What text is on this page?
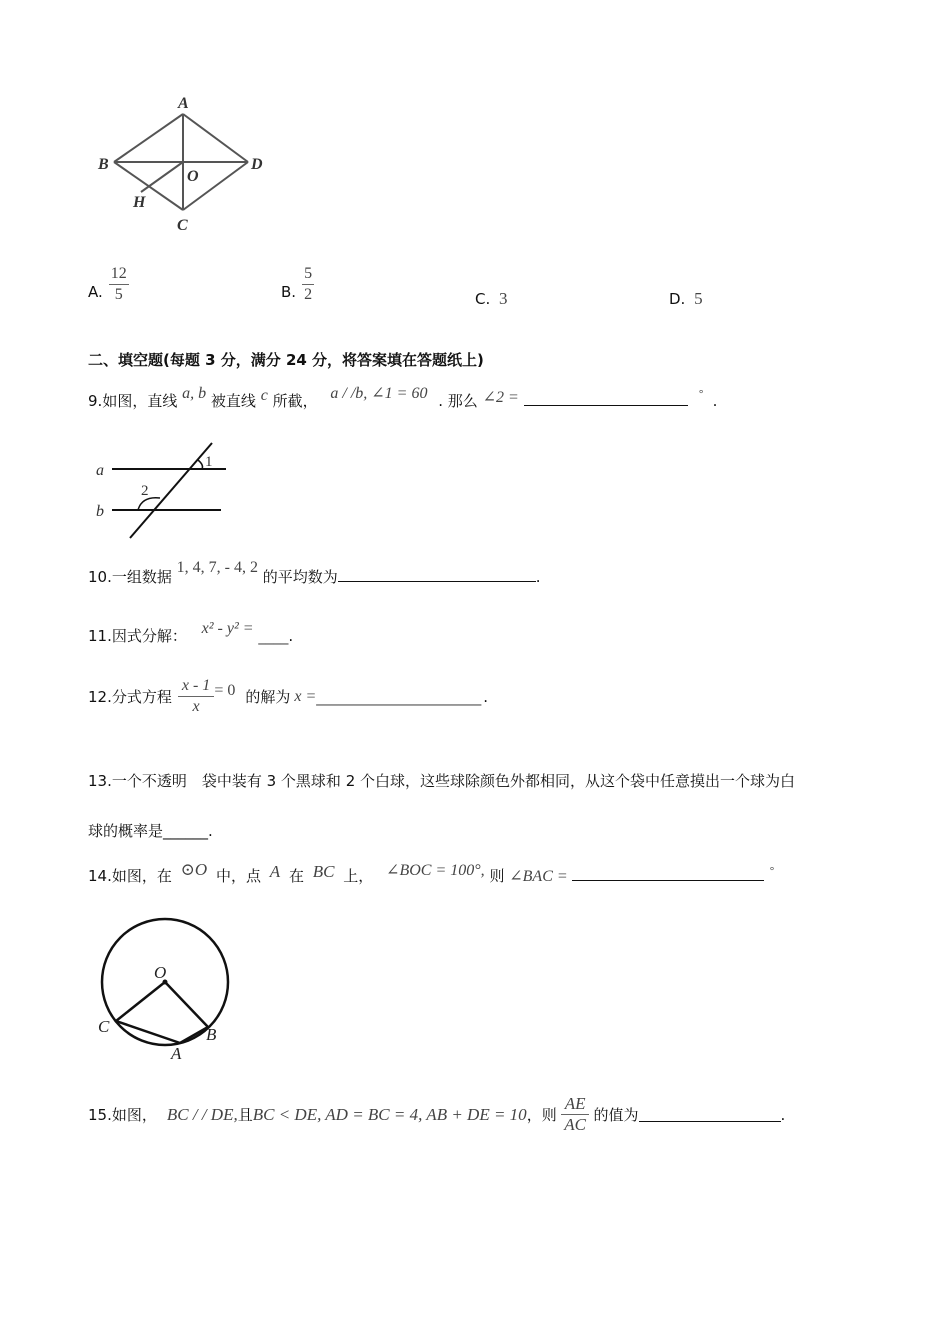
A
B
O
D
H
C
A. $\frac{12}{5}$	B. $\frac{5}{2}$	C. 3	D. 5
二、填空题(每题 3 分，满分 24 分，将答案填在答题纸上)
9.如图，直线 a, b 被直线 c 所截， a / /b, ∠1 = 60 . 那么 ∠2 =	° .
a
b
1
2
10.一组数据 1, 4, 7, - 4, 2 的平均数为	.
11.因式分解： x² - y² = ____.
12. 分式方程 $\frac{x - 1}{x} = 0$ 的解为 x = ______________________ .
13.一个不透明　袋中装有 3 个黑球和 2 个白球，这些球除颜色外都相同，从这个袋中任意摸出一个球为白
球的概率是______.
14.如图，在 ⊙O 中，点 A 在 BC 上， ∠BOC = 100°, 则 ∠BAC =	°
O
C	B
A
15. 如图， BC / / DE, 且 BC < DE, AD = BC = 4, AB + DE = 10 ，则 $\frac{AE}{AC}$ 的值为	.
